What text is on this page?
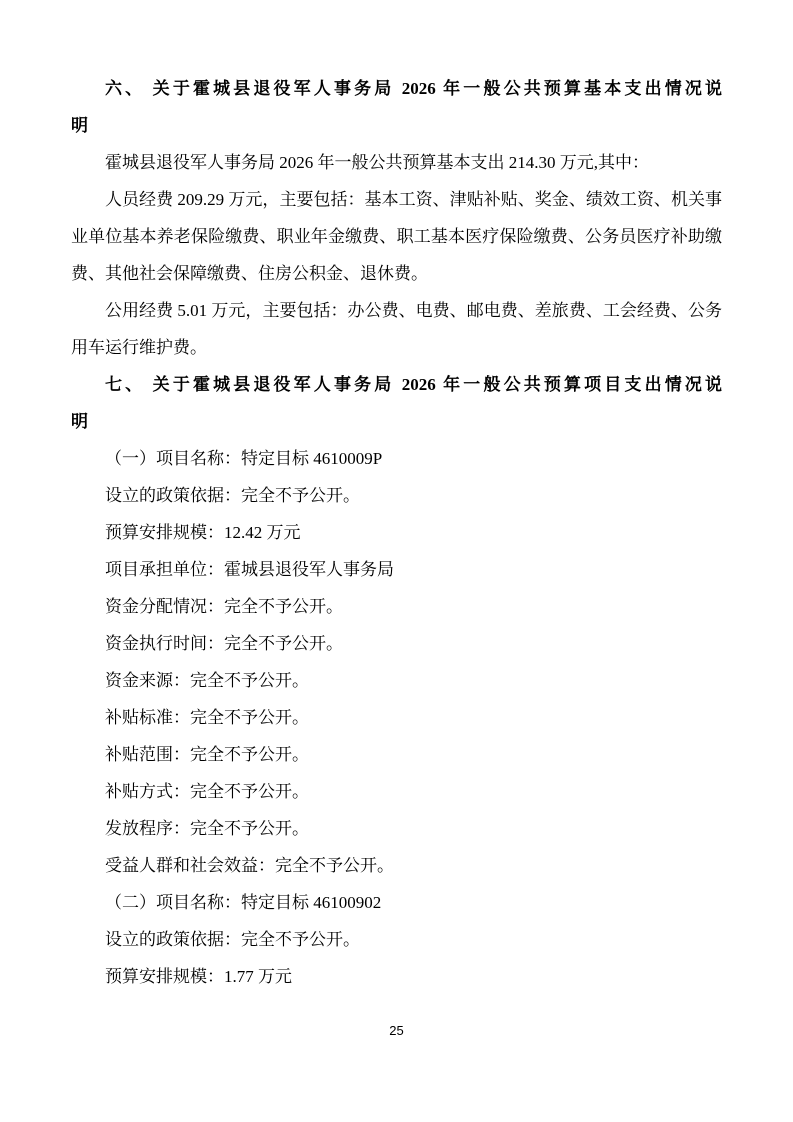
六、 关于霍城县退役军人事务局 2026 年一般公共预算基本支出情况说

明

霍城县退役军人事务局 2026 年一般公共预算基本支出 214.30 万元,其中：

人员经费 209.29 万元，主要包括：基本工资、津贴补贴、奖金、绩效工资、机关事业单位基本养老保险缴费、职业年金缴费、职工基本医疗保险缴费、公务员医疗补助缴费、其他社会保障缴费、住房公积金、退休费。

公用经费 5.01 万元，主要包括：办公费、电费、邮电费、差旅费、工会经费、公务用车运行维护费。

七、 关于霍城县退役军人事务局 2026 年一般公共预算项目支出情况说

明

（一）项目名称：特定目标 4610009P

设立的政策依据：完全不予公开。

预算安排规模：12.42 万元

项目承担单位：霍城县退役军人事务局

资金分配情况：完全不予公开。

资金执行时间：完全不予公开。

资金来源：完全不予公开。

补贴标准：完全不予公开。

补贴范围：完全不予公开。

补贴方式：完全不予公开。

发放程序：完全不予公开。

受益人群和社会效益：完全不予公开。

（二）项目名称：特定目标 46100902

设立的政策依据：完全不予公开。

预算安排规模：1.77 万元

25
